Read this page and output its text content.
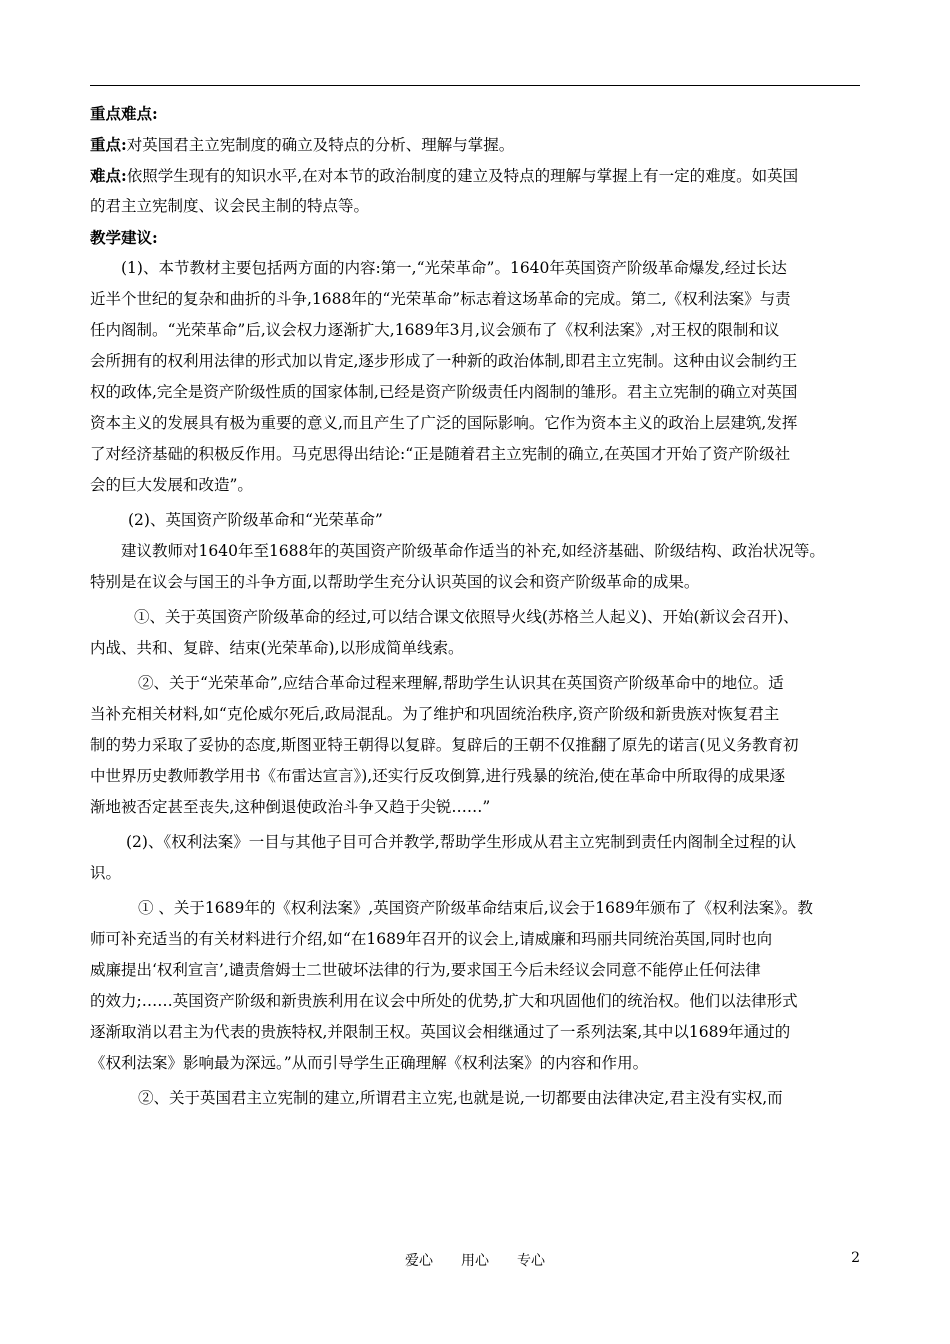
重点难点:
重点:对英国君主立宪制度的确立及特点的分析、理解与掌握。
难点:依照学生现有的知识水平,在对本节的政治制度的建立及特点的理解与掌握上有一定的难度。如英国
的君主立宪制度、议会民主制的特点等。
教学建议:
(1)、本节教材主要包括两方面的内容:第一,“光荣革命”。1640年英国资产阶级革命爆发,经过长达
近半个世纪的复杂和曲折的斗争,1688年的“光荣革命”标志着这场革命的完成。第二,《权利法案》与责
任内阁制。“光荣革命”后,议会权力逐渐扩大,1689年3月,议会颁布了《权利法案》,对王权的限制和议
会所拥有的权利用法律的形式加以肯定,逐步形成了一种新的政治体制,即君主立宪制。这种由议会制约王
权的政体,完全是资产阶级性质的国家体制,已经是资产阶级责任内阁制的雏形。君主立宪制的确立对英国
资本主义的发展具有极为重要的意义,而且产生了广泛的国际影响。它作为资本主义的政治上层建筑,发挥
了对经济基础的积极反作用。马克思得出结论:“正是随着君主立宪制的确立,在英国才开始了资产阶级社
会的巨大发展和改造”。
(2)、英国资产阶级革命和“光荣革命”
建议教师对1640年至1688年的英国资产阶级革命作适当的补充,如经济基础、阶级结构、政治状况等。
特别是在议会与国王的斗争方面,以帮助学生充分认识英国的议会和资产阶级革命的成果。
①、关于英国资产阶级革命的经过,可以结合课文依照导火线(苏格兰人起义)、开始(新议会召开)、
内战、共和、复辟、结束(光荣革命),以形成简单线索。
②、关于“光荣革命”,应结合革命过程来理解,帮助学生认识其在英国资产阶级革命中的地位。适
当补充相关材料,如“克伦威尔死后,政局混乱。为了维护和巩固统治秩序,资产阶级和新贵族对恢复君主
制的势力采取了妥协的态度,斯图亚特王朝得以复辟。复辟后的王朝不仅推翻了原先的诺言(见义务教育初
中世界历史教师教学用书《布雷达宣言》),还实行反攻倒算,进行残暴的统治,使在革命中所取得的成果逐
渐地被否定甚至丧失,这种倒退使政治斗争又趋于尖锐……”
(2)、《权利法案》一目与其他子目可合并教学,帮助学生形成从君主立宪制到责任内阁制全过程的认
识。
① 、关于1689年的《权利法案》,英国资产阶级革命结束后,议会于1689年颁布了《权利法案》。教
师可补充适当的有关材料进行介绍,如“在1689年召开的议会上,请威廉和玛丽共同统治英国,同时也向
威廉提出‘权利宣言’,谴责詹姆士二世破坏法律的行为,要求国王今后未经议会同意不能停止任何法律
的效力;……英国资产阶级和新贵族利用在议会中所处的优势,扩大和巩固他们的统治权。他们以法律形式
逐渐取消以君主为代表的贵族特权,并限制王权。英国议会相继通过了一系列法案,其中以1689年通过的
《权利法案》影响最为深远。”从而引导学生正确理解《权利法案》的内容和作用。
②、关于英国君主立宪制的建立,所谓君主立宪,也就是说,一切都要由法律决定,君主没有实权,而
爱心　　用心　　专心	2
